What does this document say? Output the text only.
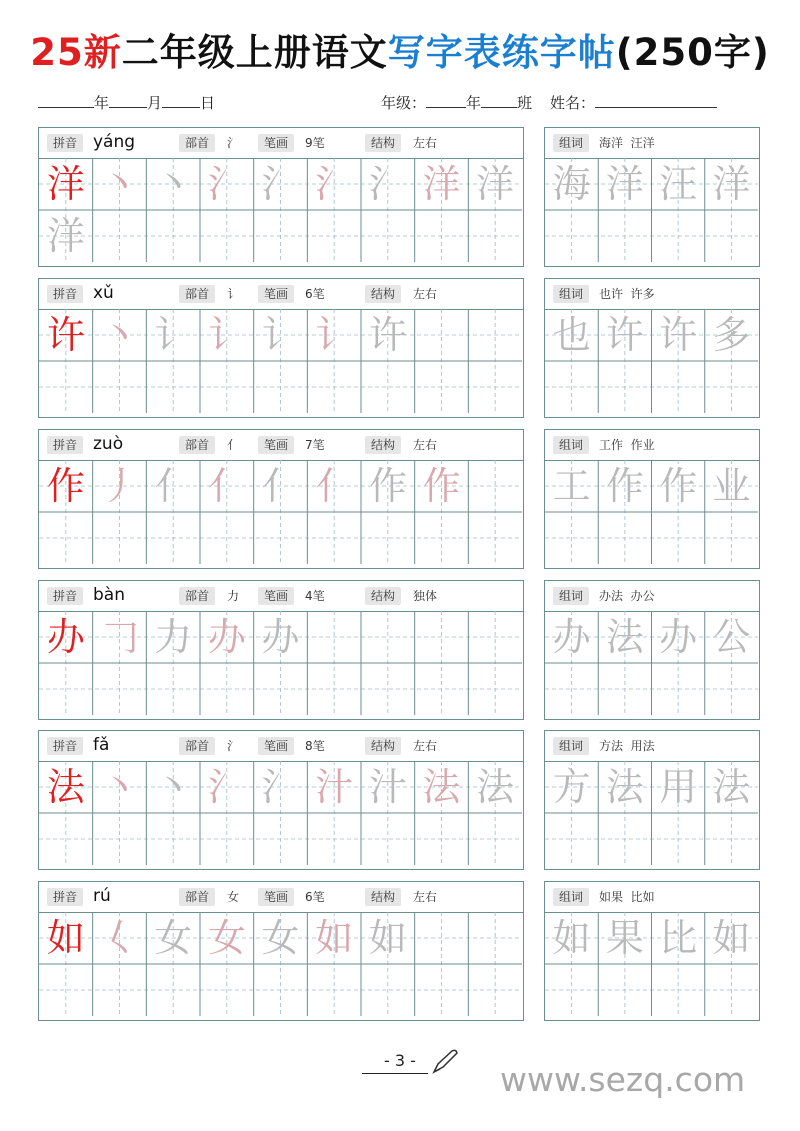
25新二年级上册语文写字表练字帖(250字)
年	月	日	年级：	年 班 姓名：
拼音 yáng	部首	氵	笔画	9笔	结构	左右
洋 丶 丶 氵 氵 氵 氵 洋 洋
洋
组词	海洋  汪洋
海 洋 汪 洋
拼音 xǔ	部首	讠	笔画	6笔	结构	左右
许 丶 讠 讠 讠 讠 许
组词	也许  许多
也 许 许 多
拼音 zuò	部首	亻	笔画	7笔	结构	左右
作 丿 亻 亻 亻 亻 作 作
组词	工作  作业
工 作 作 业
拼音 bàn	部首	力	笔画	4笔	结构	独体
办 𠃌 力 办 办
组词	办法  办公
办 法 办 公
拼音 fǎ	部首	氵	笔画	8笔	结构	左右
法 丶 丶 氵 氵 汁 汁 法 法
组词	方法  用法
方 法 用 法
拼音 rú	部首	女	笔画	6笔	结构	左右
如 𡿨 女 女 女 如 如
组词	如果  比如
如 果 比 如
- 3 -	www.sezq.com
